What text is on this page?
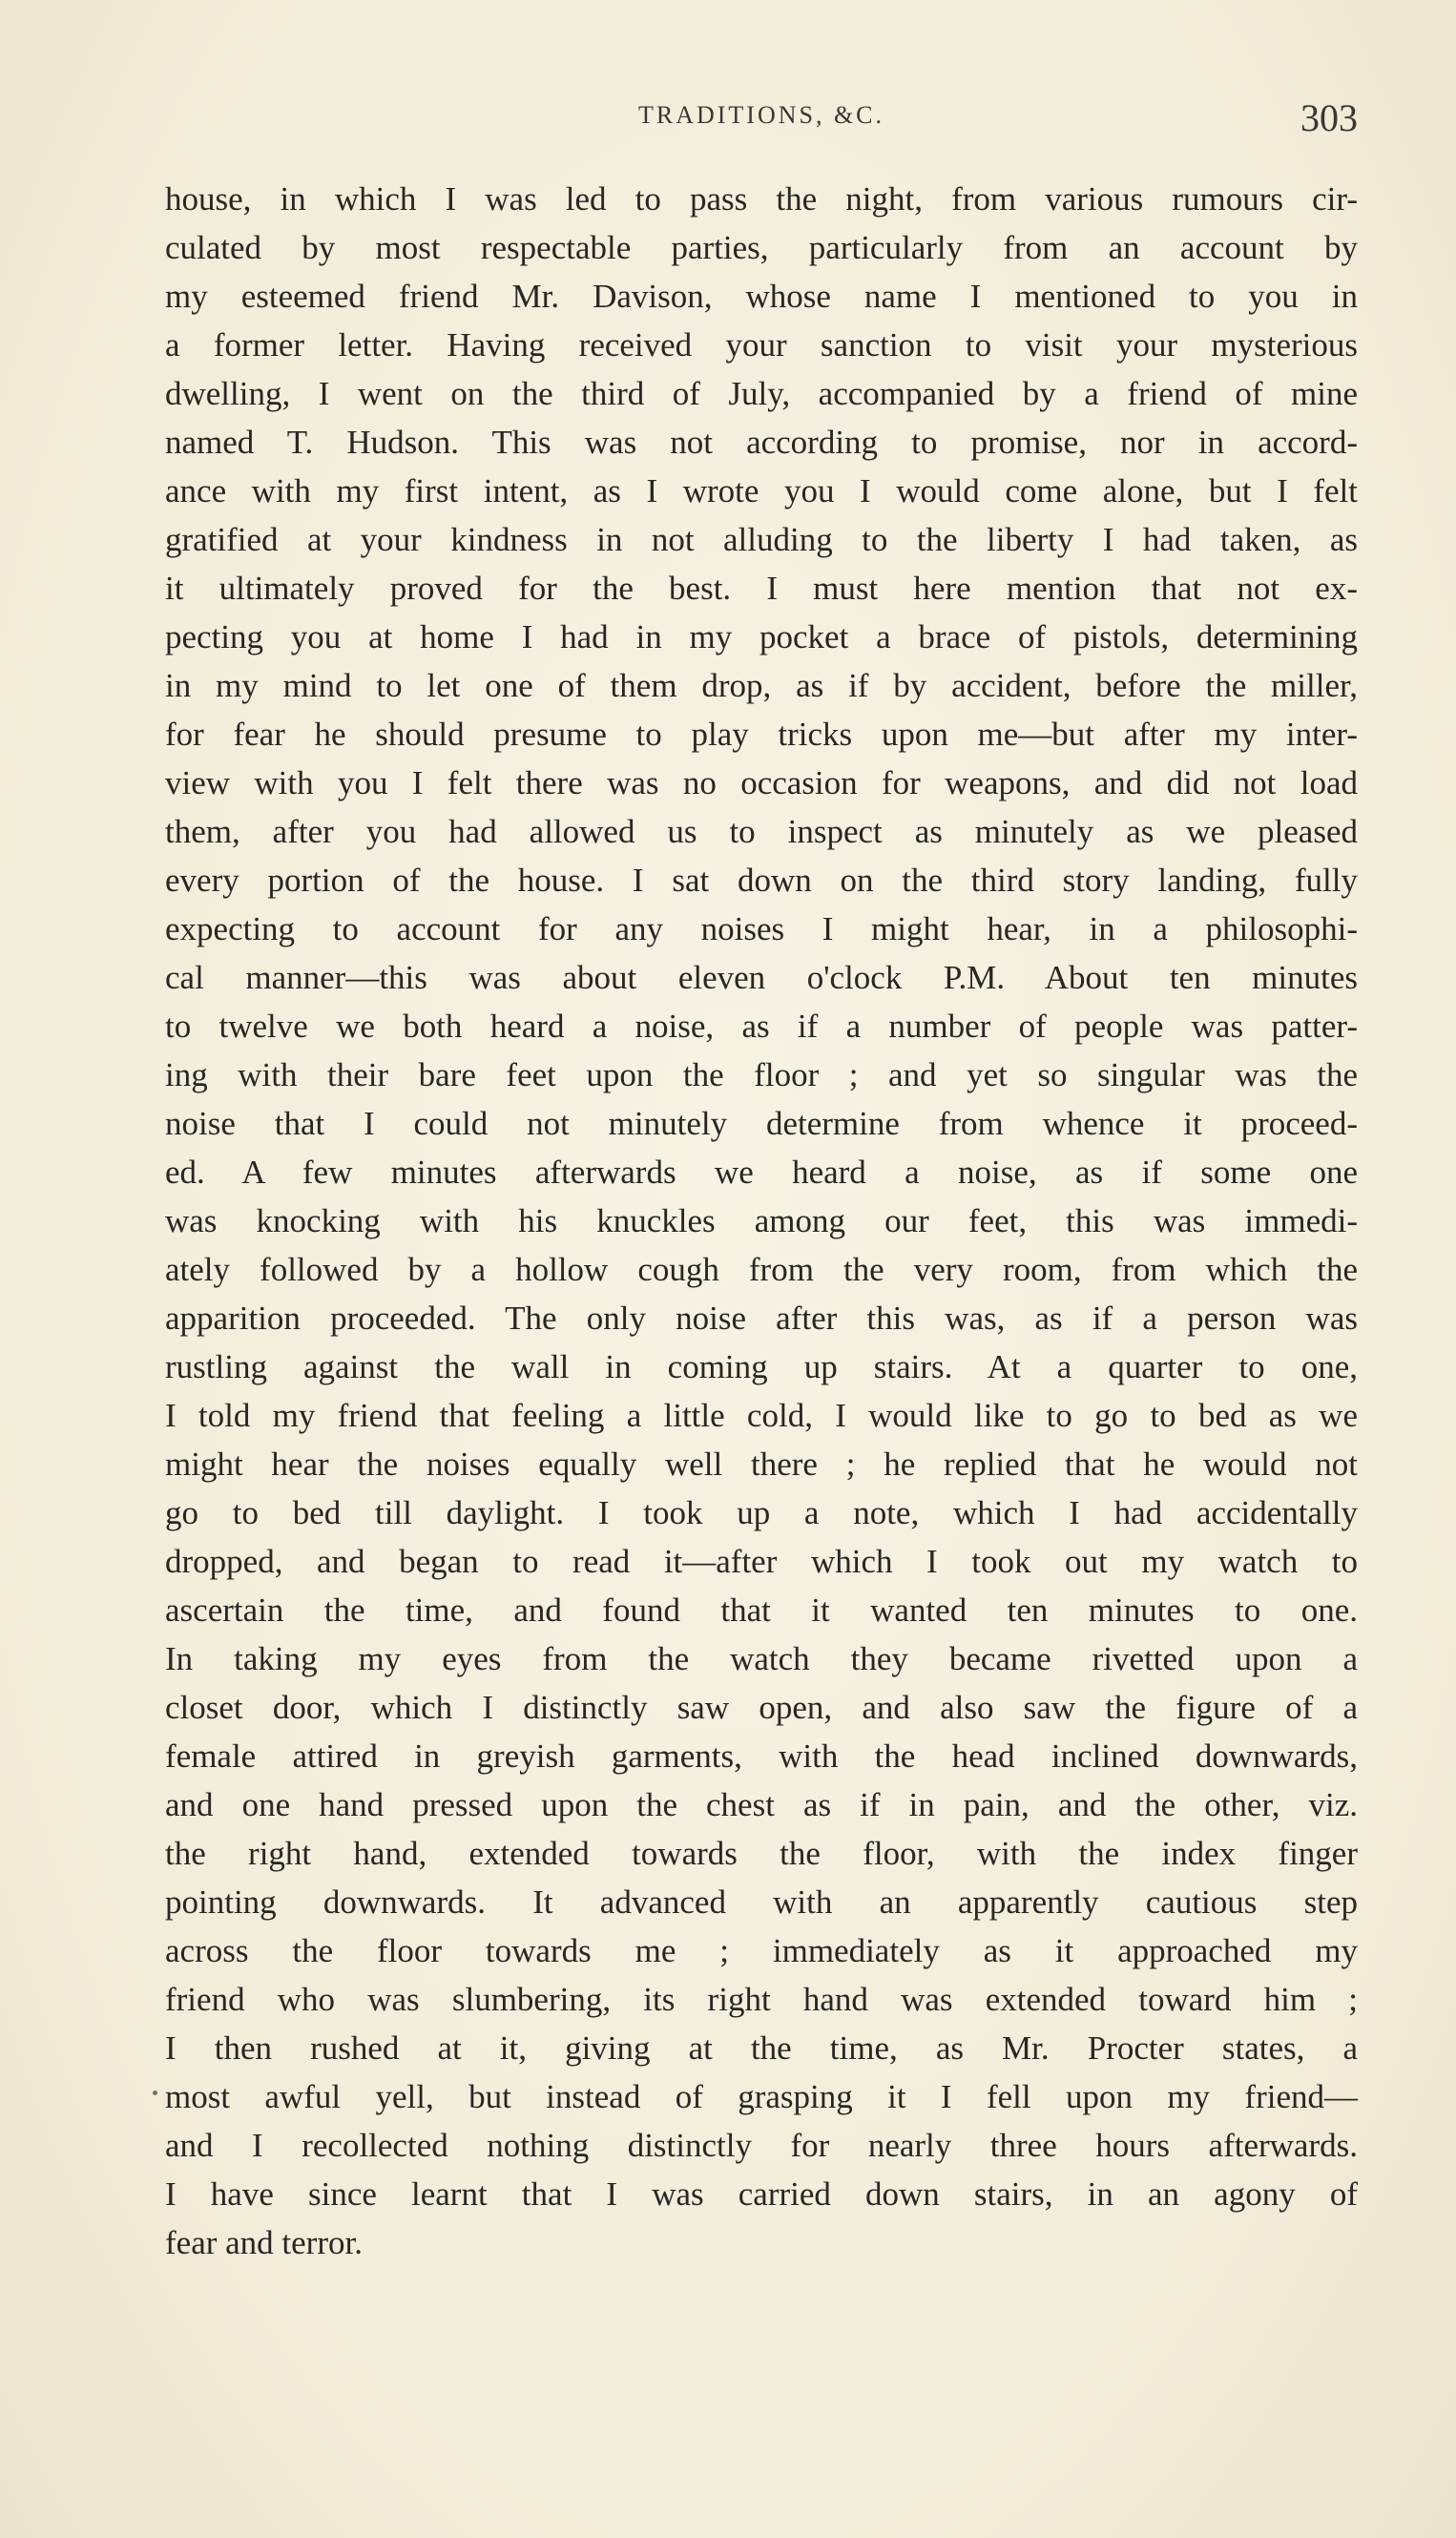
TRADITIONS, &C.	303
house, in which I was led to pass the night, from various rumours cir-
culated by most respectable parties, particularly from an account by
my esteemed friend Mr. Davison, whose name I mentioned to you in
a former letter. Having received your sanction to visit your mysterious
dwelling, I went on the third of July, accompanied by a friend of mine
named T. Hudson. This was not according to promise, nor in accord-
ance with my first intent, as I wrote you I would come alone, but I felt
gratified at your kindness in not alluding to the liberty I had taken, as
it ultimately proved for the best. I must here mention that not ex-
pecting you at home I had in my pocket a brace of pistols, determining
in my mind to let one of them drop, as if by accident, before the miller,
for fear he should presume to play tricks upon me—but after my inter-
view with you I felt there was no occasion for weapons, and did not load
them, after you had allowed us to inspect as minutely as we pleased
every portion of the house. I sat down on the third story landing, fully
expecting to account for any noises I might hear, in a philosophi-
cal manner—this was about eleven o'clock P.M. About ten minutes
to twelve we both heard a noise, as if a number of people was patter-
ing with their bare feet upon the floor ; and yet so singular was the
noise that I could not minutely determine from whence it proceed-
ed. A few minutes afterwards we heard a noise, as if some one
was knocking with his knuckles among our feet, this was immedi-
ately followed by a hollow cough from the very room, from which the
apparition proceeded. The only noise after this was, as if a person was
rustling against the wall in coming up stairs. At a quarter to one,
I told my friend that feeling a little cold, I would like to go to bed as we
might hear the noises equally well there ; he replied that he would not
go to bed till daylight. I took up a note, which I had accidentally
dropped, and began to read it—after which I took out my watch to
ascertain the time, and found that it wanted ten minutes to one.
In taking my eyes from the watch they became rivetted upon a
closet door, which I distinctly saw open, and also saw the figure of a
female attired in greyish garments, with the head inclined downwards,
and one hand pressed upon the chest as if in pain, and the other, viz.
the right hand, extended towards the floor, with the index finger
pointing downwards. It advanced with an apparently cautious step
across the floor towards me ; immediately as it approached my
friend who was slumbering, its right hand was extended toward him ;
I then rushed at it, giving at the time, as Mr. Procter states, a
most awful yell, but instead of grasping it I fell upon my friend—
and I recollected nothing distinctly for nearly three hours afterwards.
I have since learnt that I was carried down stairs, in an agony of
fear and terror.
